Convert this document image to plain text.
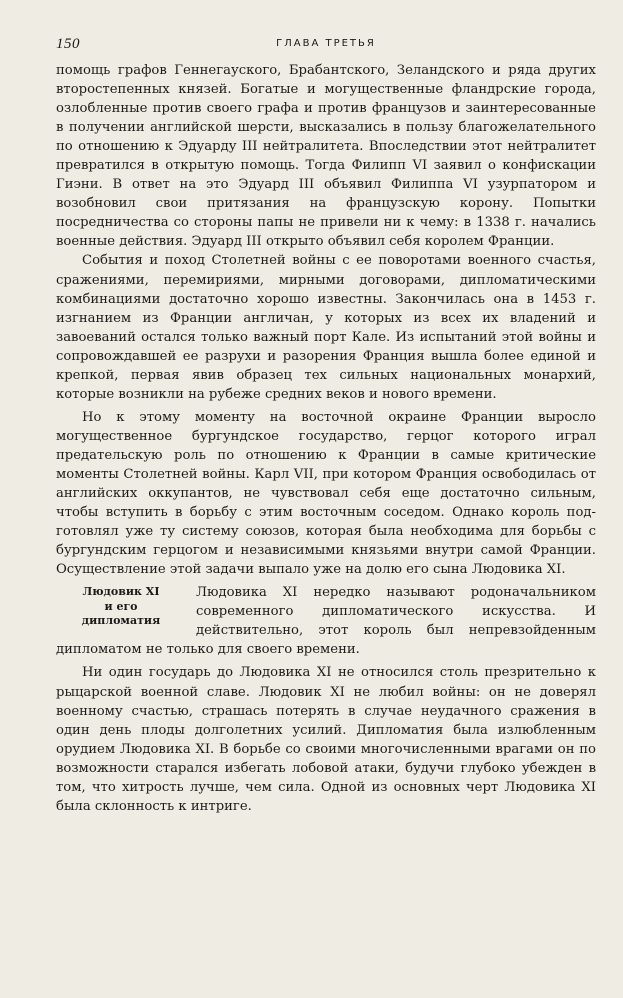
150	ГЛАВА ТРЕТЬЯ

помощь графов Геннегауского, Брабантского, Зеландского и ряда других второстепенных князей. Богатые и могущественные фландрские города, озлобленные против своего графа и против французов и заинтересованные в получении английской шерсти, высказались в пользу благожелательного по отношению к Эдуарду III нейтралитета. Впоследствии этот нейтралитет превратился в открытую помощь. Тогда Филипп VI заявил о конфискации Гиэни. В ответ на это Эдуард III объявил Филиппа VI узурпатором и возобновил свои притязания на французскую корону. Попытки посредничества со стороны папы не привели ни к чему: в 1338 г. начались военные действия. Эдуард III открыто объявил себя королем Франции.

События и поход Столетней войны с ее поворотами военного счастья, сражениями, перемириями, мирными договорами, дипломатическими комбинациями достаточно хорошо известны. Закончилась она в 1453 г. изгнанием из Франции англичан, у которых из всех их владений и завоеваний остался только важный порт Кале. Из испытаний этой войны и сопровождавшей ее разрухи и разорения Франция вышла более единой и крепкой, первая явив образец тех сильных национальных монархий, которые возникли на рубеже средних веков и нового времени.

Но к этому моменту на восточной окраине Франции выросло могущественное бургундское государство, герцог которого играл предательскую роль по отношению к Франции в самые критические моменты Столетней войны. Карл VII, при котором Франция освободилась от английских оккупантов, не чувствовал себя еще достаточно сильным, чтобы вступить в борьбу с этим восточным соседом. Однако король подготовлял уже ту систему союзов, которая была необходима для борьбы с бургундским герцогом и независимыми князьями внутри самой Франции. Осуществление этой задачи выпало уже на долю его сына Людовика XI.

Людовик XI
и его
дипломатия
Людовика XI нередко называют родоначальником современного дипломатического искусства. И действительно, этот король был непревзойденным дипломатом не только для своего времени.

Ни один государь до Людовика XI не относился столь презрительно к рыцарской военной славе. Людовик XI не любил войны: он не доверял военному счастью, страшась потерять в случае неудачного сражения в один день плоды долголетних усилий. Дипломатия была излюбленным орудием Людовика XI. В борьбе со своими многочисленными врагами он по возможности старался избегать лобовой атаки, будучи глубоко убежден в том, что хитрость лучше, чем сила. Одной из основных черт Людовика XI была склонность к интриге.
